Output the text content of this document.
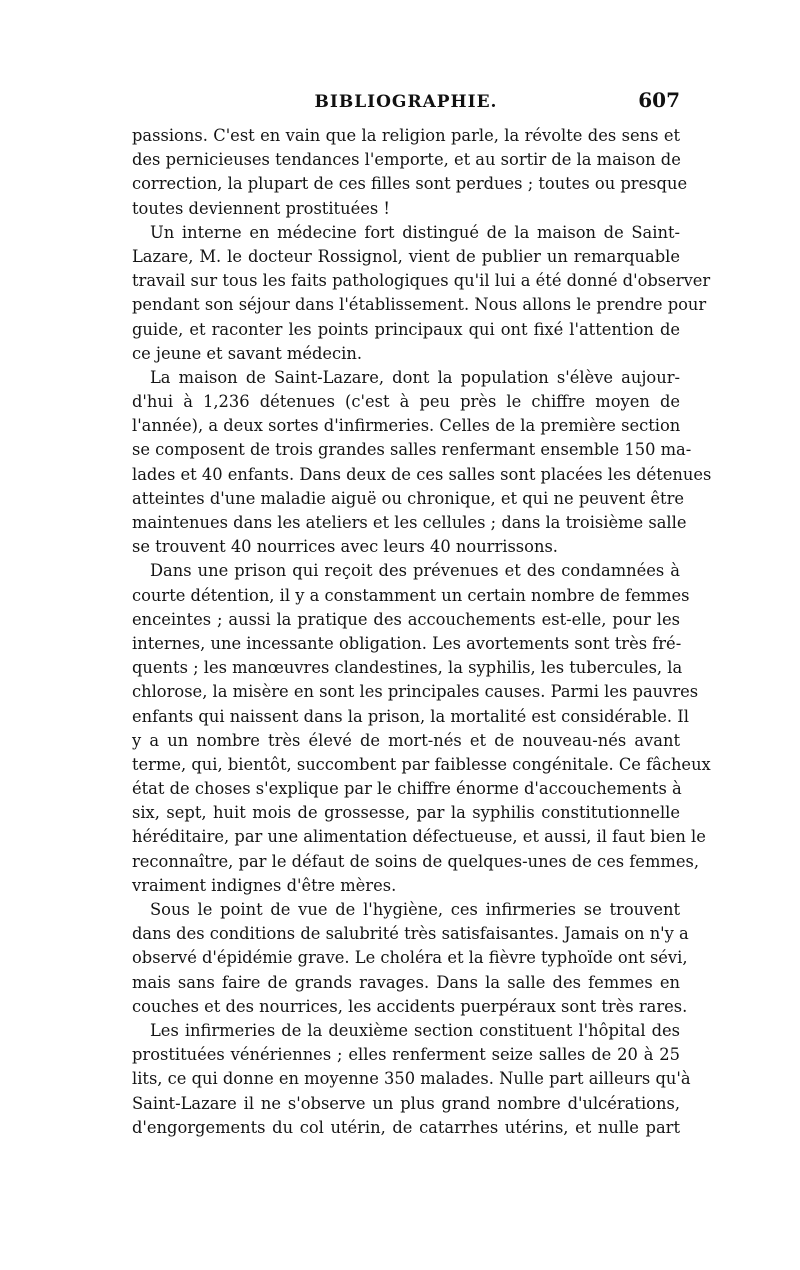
BIBLIOGRAPHIE.	607
passions. C'est en vain que la religion parle, la révolte des sens et
des pernicieuses tendances l'emporte, et au sortir de la maison de
correction, la plupart de ces filles sont perdues ; toutes ou presque
toutes deviennent prostituées !
Un interne en médecine fort distingué de la maison de Saint-
Lazare, M. le docteur Rossignol, vient de publier un remarquable
travail sur tous les faits pathologiques qu'il lui a été donné d'observer
pendant son séjour dans l'établissement. Nous allons le prendre pour
guide, et raconter les points principaux qui ont fixé l'attention de
ce jeune et savant médecin.
La maison de Saint-Lazare, dont la population s'élève aujour-
d'hui à 1,236 détenues (c'est à peu près le chiffre moyen de
l'année), a deux sortes d'infirmeries. Celles de la première section
se composent de trois grandes salles renfermant ensemble 150 ma-
lades et 40 enfants. Dans deux de ces salles sont placées les détenues
atteintes d'une maladie aiguë ou chronique, et qui ne peuvent être
maintenues dans les ateliers et les cellules ; dans la troisième salle
se trouvent 40 nourrices avec leurs 40 nourrissons.
Dans une prison qui reçoit des prévenues et des condamnées à
courte détention, il y a constamment un certain nombre de femmes
enceintes ; aussi la pratique des accouchements est-elle, pour les
internes, une incessante obligation. Les avortements sont très fré-
quents ; les manœuvres clandestines, la syphilis, les tubercules, la
chlorose, la misère en sont les principales causes. Parmi les pauvres
enfants qui naissent dans la prison, la mortalité est considérable. Il
y a un nombre très élevé de mort-nés et de nouveau-nés avant
terme, qui, bientôt, succombent par faiblesse congénitale. Ce fâcheux
état de choses s'explique par le chiffre énorme d'accouchements à
six, sept, huit mois de grossesse, par la syphilis constitutionnelle
héréditaire, par une alimentation défectueuse, et aussi, il faut bien le
reconnaître, par le défaut de soins de quelques-unes de ces femmes,
vraiment indignes d'être mères.
Sous le point de vue de l'hygiène, ces infirmeries se trouvent
dans des conditions de salubrité très satisfaisantes. Jamais on n'y a
observé d'épidémie grave. Le choléra et la fièvre typhoïde ont sévi,
mais sans faire de grands ravages. Dans la salle des femmes en
couches et des nourrices, les accidents puerpéraux sont très rares.
Les infirmeries de la deuxième section constituent l'hôpital des
prostituées vénériennes ; elles renferment seize salles de 20 à 25
lits, ce qui donne en moyenne 350 malades. Nulle part ailleurs qu'à
Saint-Lazare il ne s'observe un plus grand nombre d'ulcérations,
d'engorgements du col utérin, de catarrhes utérins, et nulle part
